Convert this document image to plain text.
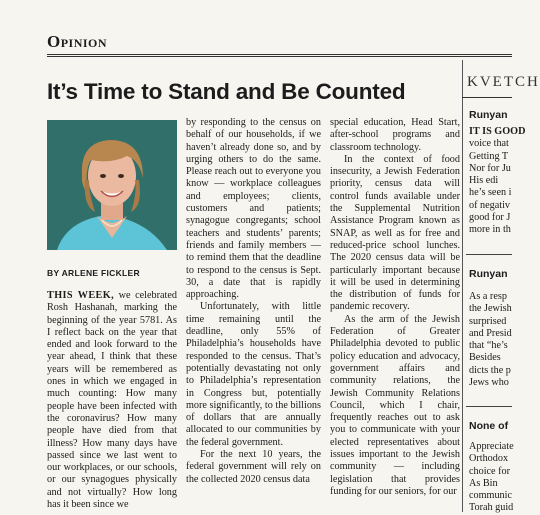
Opinion
It’s Time to Stand and Be Counted
BY ARLENE FICKLER

THIS WEEK, we celebrated Rosh Hashanah, marking the beginning of the year 5781. As I reflect back on the year that ended and look forward to the year ahead, I think that these years will be remembered as ones in which we engaged in much counting: How many people have been infected with the coronavirus? How many people have died from that illness? How many days have passed since we last went to our workplaces, or our schools, or our synagogues physically and not virtually? How long has it been since we

by responding to the census on behalf of our households, if we haven’t already done so, and by urging others to do the same. Please reach out to everyone you know — workplace colleagues and employees; clients, customers and patients; synagogue congregants; school teachers and students’ parents; friends and family members — to remind them that the deadline to respond to the census is Sept. 30, a date that is rapidly approaching.

Unfortunately, with little time remaining until the deadline, only 55% of Philadelphia’s households have responded to the census. That’s potentially devastating not only to Philadelphia’s representation in Congress but, potentially more significantly, to the billions of dollars that are annually allocated to our communities by the federal government.

For the next 10 years, the federal government will rely on the collected 2020 census data

special education, Head Start, after-school programs and classroom technology.

In the context of food insecurity, a Jewish Federation priority, census data will control funds available under the Supplemental Nutrition Assistance Program known as SNAP, as well as for free and reduced-price school lunches. The 2020 census data will be particularly important because it will be used in determining the distribution of funds for pandemic recovery.

As the arm of the Jewish Federation of Greater Philadelphia devoted to public policy education and advocacy, government affairs and community relations, the Jewish Community Relations Council, which I chair, frequently reaches out to ask you to communicate with your elected representatives about issues important to the Jewish community — including legislation that provides funding for our seniors, for our

KVETCH
Runyan
IT IS GOOD
voice that
Getting T
Nor for Ju
His edi
he’s seen i
of negativ
good for J
more in th
Runyan
As a resp
the Jewish
surprised
and Presid
that “he’s
Besides
dicts the p
Jews who
None of
Appreciate
Orthodox
choice for
As Bin
communic
Torah guid
